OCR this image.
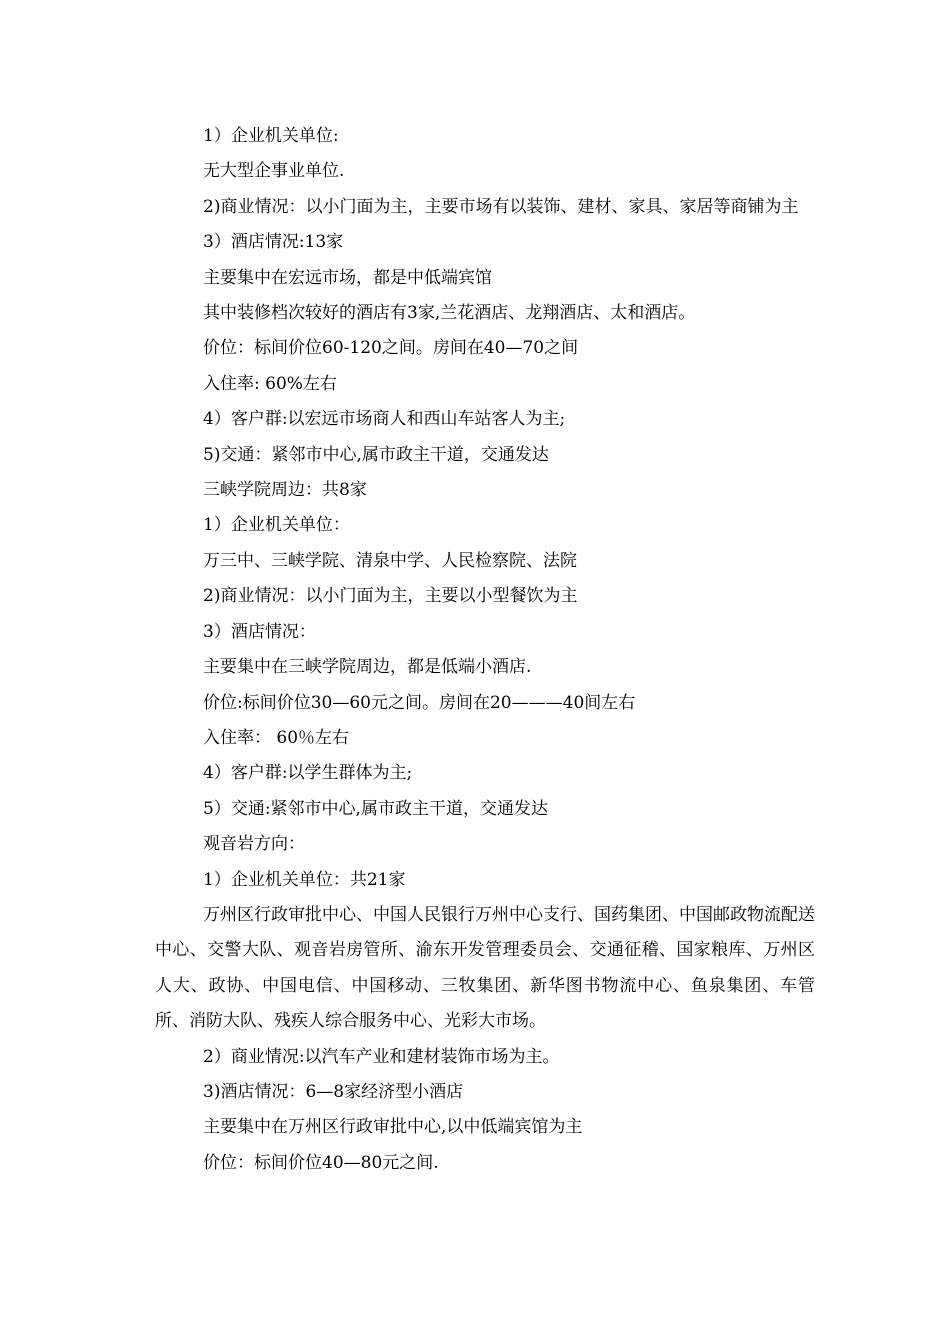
1）企业机关单位:

无大型企事业单位.

2)商业情况：以小门面为主，主要市场有以装饰、建材、家具、家居等商铺为主

3）酒店情况:13家

主要集中在宏远市场，都是中低端宾馆

其中装修档次较好的酒店有3家,兰花酒店、龙翔酒店、太和酒店。

价位：标间价位60-120之间。房间在40—70之间

入住率: 60%左右

4）客户群:以宏远市场商人和西山车站客人为主;

5)交通：紧邻市中心,属市政主干道，交通发达

三峡学院周边：共8家

1）企业机关单位：

万三中、三峡学院、清泉中学、人民检察院、法院

2)商业情况：以小门面为主，主要以小型餐饮为主

3）酒店情况：

主要集中在三峡学院周边，都是低端小酒店.

价位:标间价位30—60元之间。房间在20———40间左右

入住率： 60％左右

4）客户群:以学生群体为主;

5）交通:紧邻市中心,属市政主干道，交通发达

观音岩方向：

1）企业机关单位：共21家

万州区行政审批中心、中国人民银行万州中心支行、国药集团、中国邮政物流配送中心、交警大队、观音岩房管所、渝东开发管理委员会、交通征稽、国家粮库、万州区人大、政协、中国电信、中国移动、三牧集团、新华图书物流中心、鱼泉集团、车管所、消防大队、残疾人综合服务中心、光彩大市场。

2）商业情况:以汽车产业和建材装饰市场为主。

3)酒店情况：6—8家经济型小酒店

主要集中在万州区行政审批中心,以中低端宾馆为主

价位：标间价位40—80元之间.
